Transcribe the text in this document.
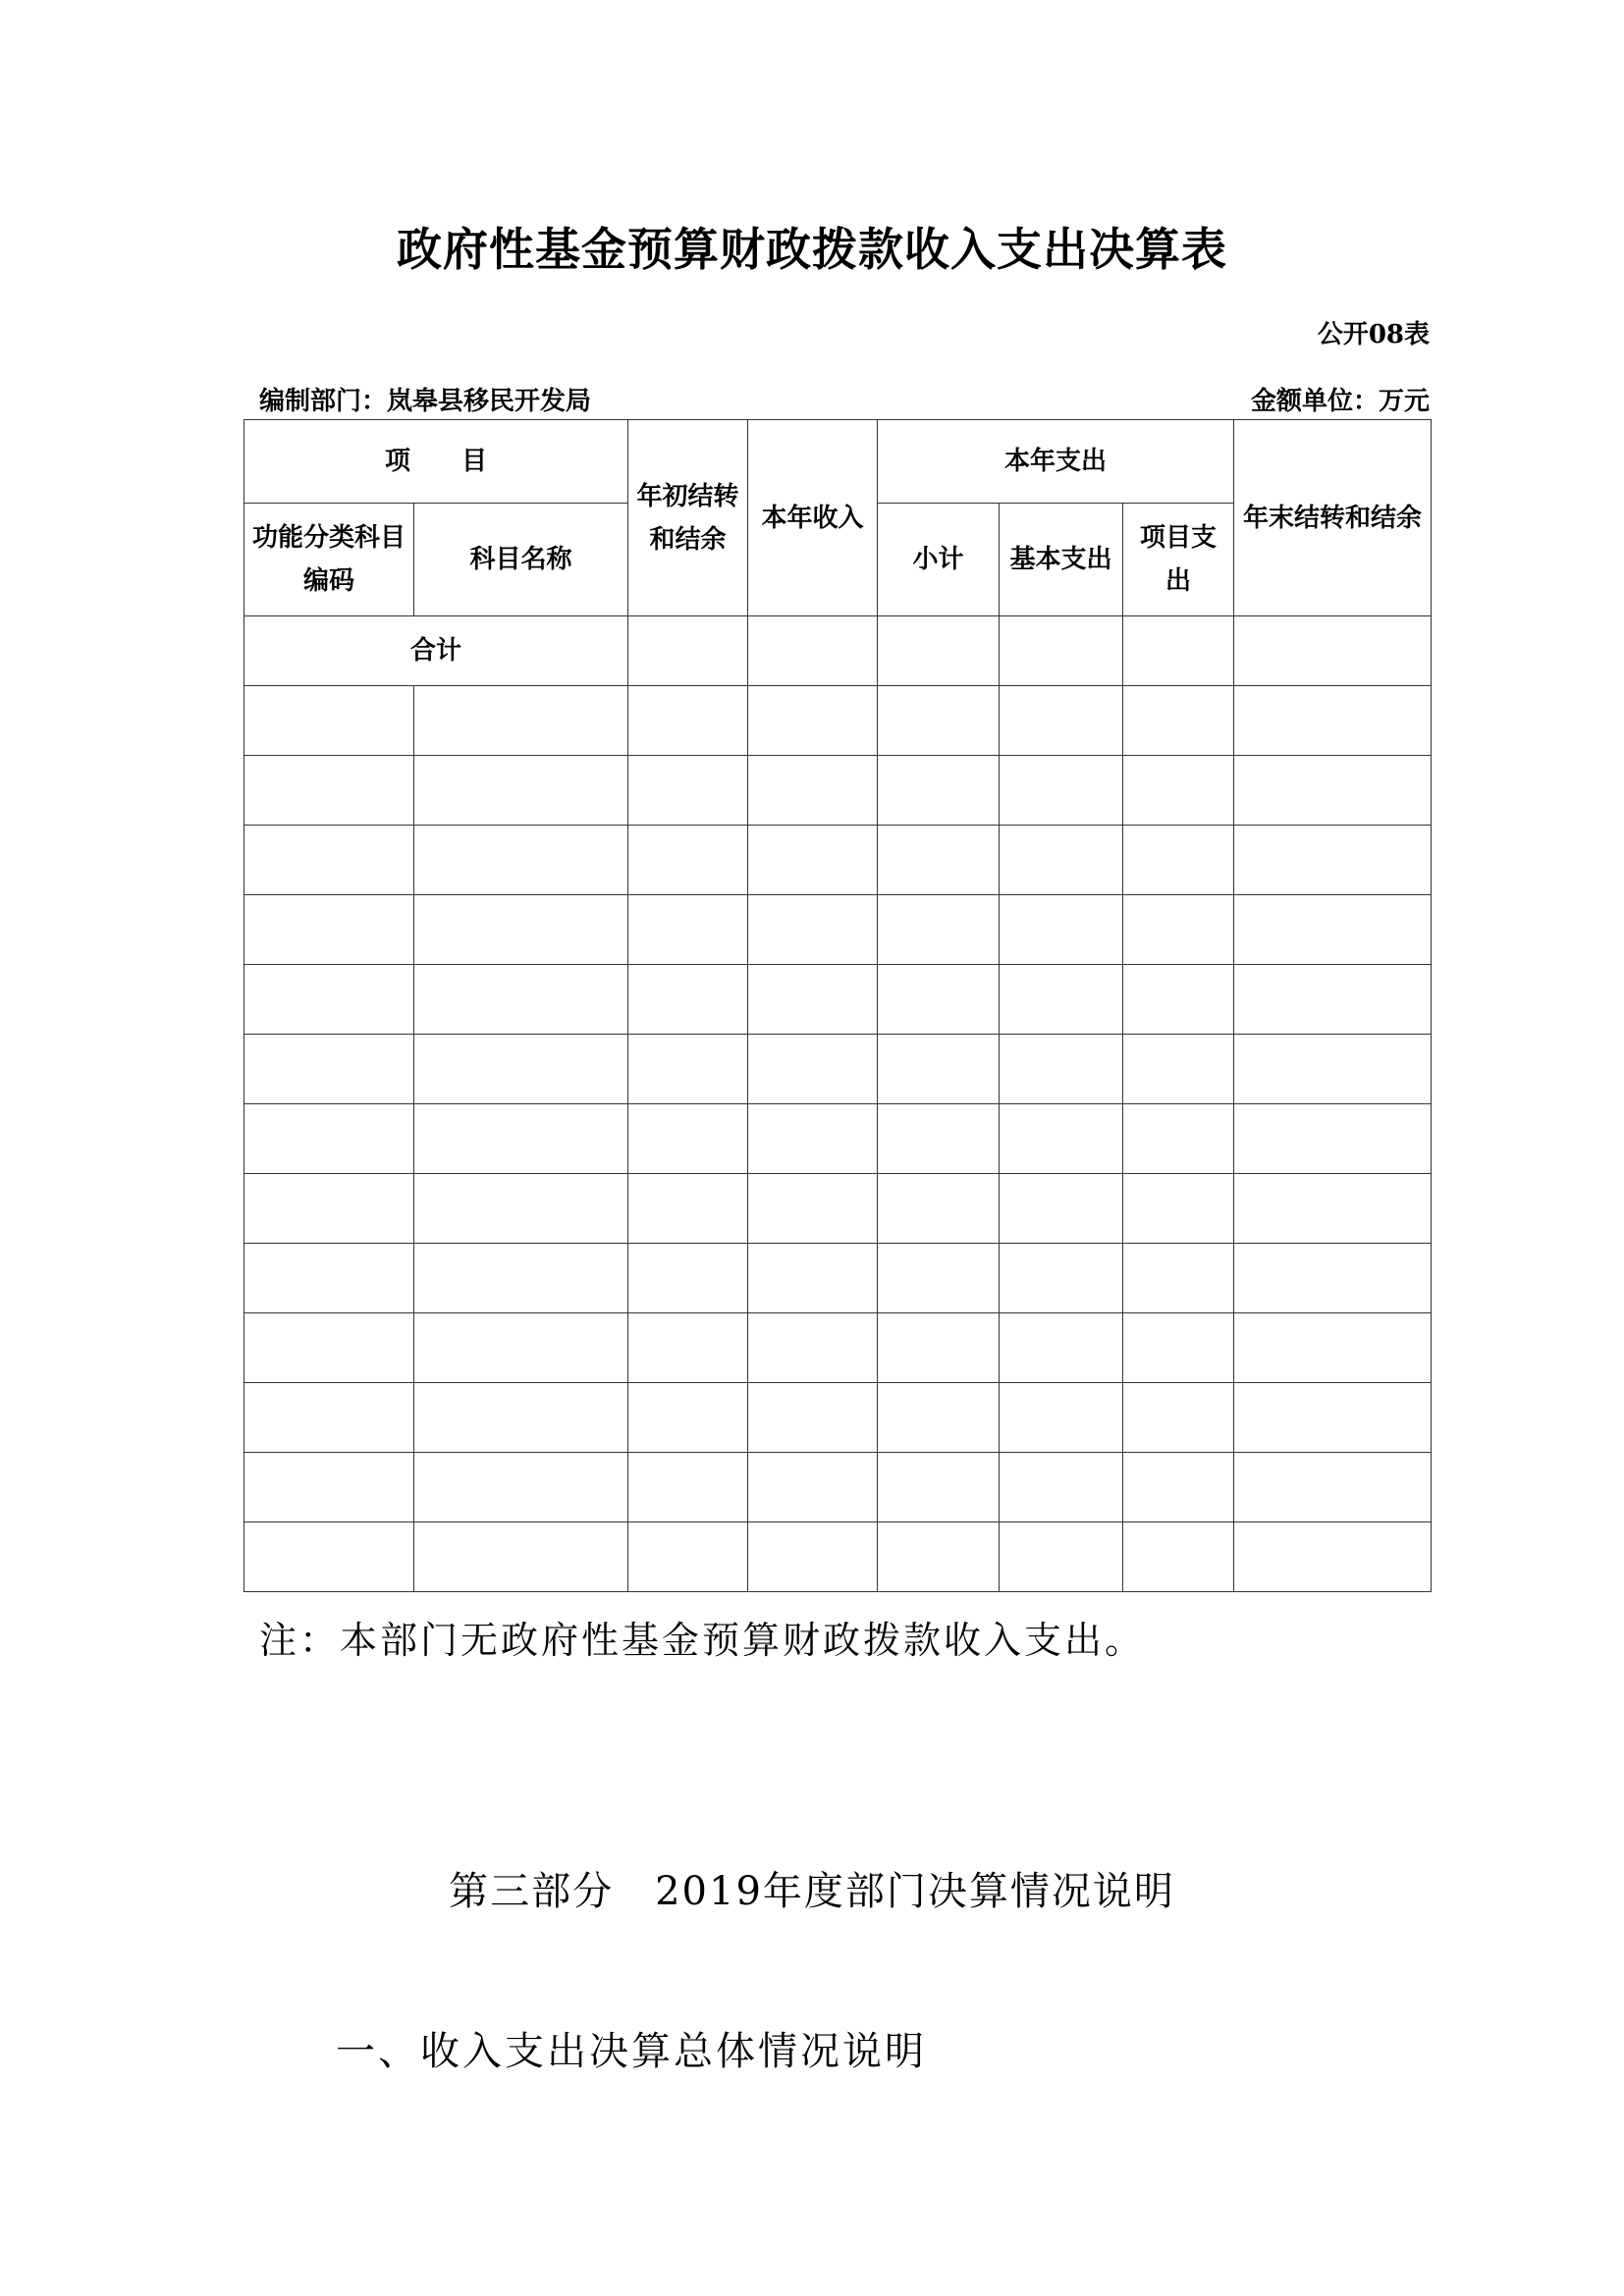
政府性基金预算财政拨款收入支出决算表
公开08表
编制部门：岚皋县移民开发局	金额单位：万元
项　　目		年初结转和结余	本年收入	本年支出			年末结转和结余
功能分类科目编码	科目名称			小计	基本支出	项目支出	
合计							

注：本部门无政府性基金预算财政拨款收入支出。
第三部分　2019年度部门决算情况说明
一、收入支出决算总体情况说明
